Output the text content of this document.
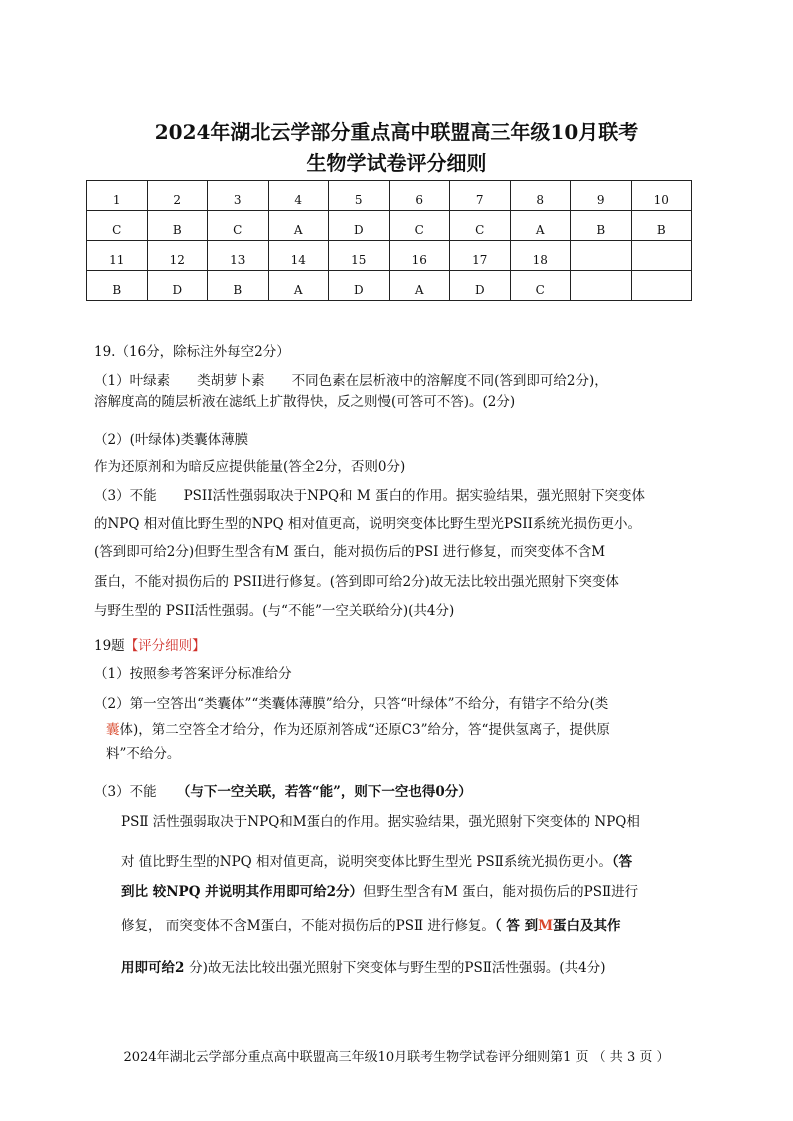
2024年湖北云学部分重点高中联盟高三年级10月联考
生物学试卷评分细则
1	2	3	4	5	6	7	8	9	10
C	B	C	A	D	C	C	A	B	B
11	12	13	14	15	16	17	18		
B	D	B	A	D	A	D	C		
19.（16分，除标注外每空2分）
（1）叶绿素　　类胡萝卜素　　不同色素在层析液中的溶解度不同(答到即可给2分)，
溶解度高的随层析液在滤纸上扩散得快，反之则慢(可答可不答)。(2分)
（2）(叶绿体)类囊体薄膜
作为还原剂和为暗反应提供能量(答全2分，否则0分)
（3）不能　　PSII活性强弱取决于NPQ和 M 蛋白的作用。据实验结果，强光照射下突变体
的NPQ 相对值比野生型的NPQ 相对值更高，说明突变体比野生型光PSII系统光损伤更小。
(答到即可给2分)但野生型含有M 蛋白，能对损伤后的PSI 进行修复，而突变体不含M
蛋白，不能对损伤后的 PSII进行修复。(答到即可给2分)故无法比较出强光照射下突变体
与野生型的 PSII活性强弱。(与“不能”一空关联给分)(共4分)
19题【评分细则】
（1）按照参考答案评分标准给分
（2）第一空答出“类囊体”“类囊体薄膜”给分，只答“叶绿体”不给分，有错字不给分(类
囊体)，第二空答全才给分，作为还原剂答成“还原C3”给分，答“提供氢离子，提供原
料”不给分。
（3）不能　　（与下一空关联，若答“能”，则下一空也得0分）
PSⅡ 活性强弱取决于NPQ和M蛋白的作用。据实验结果，强光照射下突变体的 NPQ相
对 值比野生型的NPQ 相对值更高，说明突变体比野生型光 PSⅡ系统光损伤更小。（答
到比 较NPQ 并说明其作用即可给2分）但野生型含有M 蛋白，能对损伤后的PSⅡ进行
修复， 而突变体不含M蛋白，不能对损伤后的PSⅡ 进行修复。（ 答 到M蛋白及其作
用即可给2 分)故无法比较出强光照射下突变体与野生型的PSⅡ活性强弱。(共4分)
2024年湖北云学部分重点高中联盟高三年级10月联考生物学试卷评分细则第1 页 （ 共 3 页 ）
